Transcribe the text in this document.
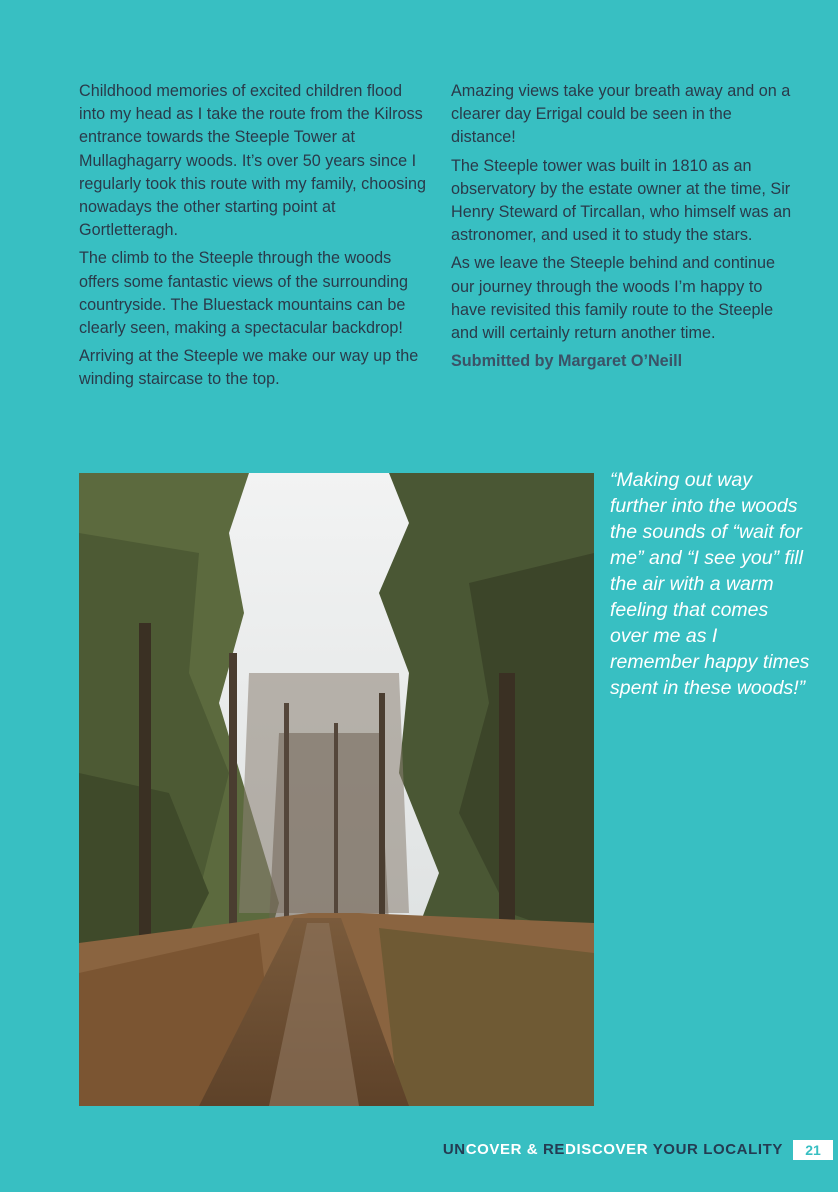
Childhood memories of excited children flood into my head as I take the route from the Kilross entrance towards the Steeple Tower at Mullaghagarry woods. It’s over 50 years since I regularly took this route with my family, choosing nowadays the other starting point at Gortletteragh.

The climb to the Steeple through the woods offers some fantastic views of the surrounding countryside. The Bluestack mountains can be clearly seen, making a spectacular backdrop!

Arriving at the Steeple we make our way up the winding staircase to the top.

Amazing views take your breath away and on a clearer day Errigal could be seen in the distance!

The Steeple tower was built in 1810 as an observatory by the estate owner at the time, Sir Henry Steward of Tircallan, who himself was an astronomer, and used it to study the stars.

As we leave the Steeple behind and continue our journey through the woods I’m happy to have revisited this family route to the Steeple and will certainly return another time.

Submitted by Margaret O’Neill

“Making out way further into the woods the sounds of “wait for me” and “I see you” fill the air with a warm feeling that comes over me as I remember happy times spent in these woods!”
UNCOVER & REDISCOVER YOUR LOCALITY	21
